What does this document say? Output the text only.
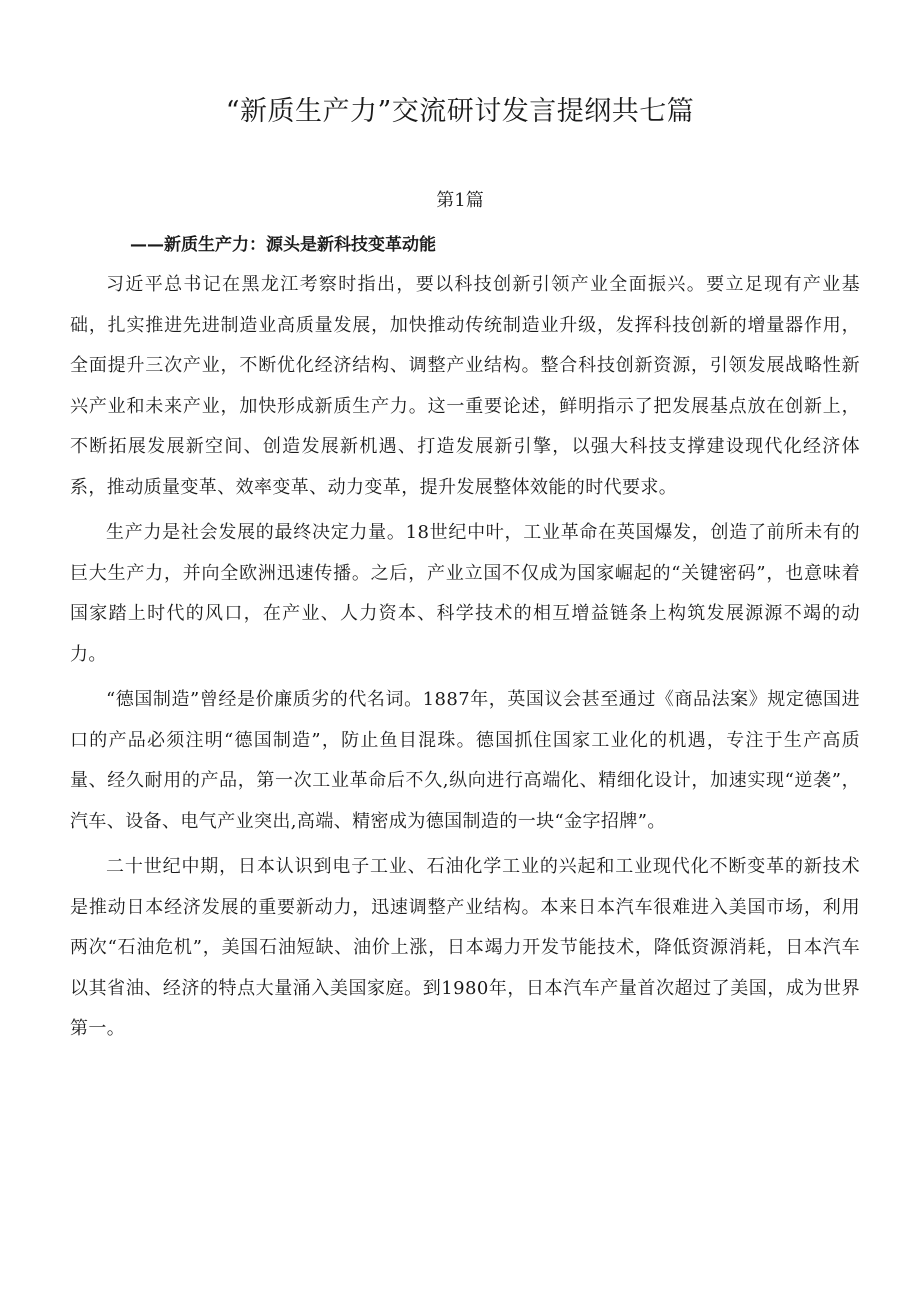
“新质生产力”交流研讨发言提纲共七篇
第1篇
——新质生产力：源头是新科技变革动能

习近平总书记在黑龙江考察时指出，要以科技创新引领产业全面振兴。要立足现有产业基础，扎实推进先进制造业高质量发展，加快推动传统制造业升级，发挥科技创新的增量器作用，全面提升三次产业，不断优化经济结构、调整产业结构。整合科技创新资源，引领发展战略性新兴产业和未来产业，加快形成新质生产力。这一重要论述，鲜明指示了把发展基点放在创新上，不断拓展发展新空间、创造发展新机遇、打造发展新引擎，以强大科技支撑建设现代化经济体系，推动质量变革、效率变革、动力变革，提升发展整体效能的时代要求。

生产力是社会发展的最终决定力量。18世纪中叶，工业革命在英国爆发，创造了前所未有的巨大生产力，并向全欧洲迅速传播。之后，产业立国不仅成为国家崛起的“关键密码”，也意味着国家踏上时代的风口，在产业、人力资本、科学技术的相互增益链条上构筑发展源源不竭的动力。

“德国制造”曾经是价廉质劣的代名词。1887年，英国议会甚至通过《商品法案》规定德国进口的产品必须注明“德国制造”，防止鱼目混珠。德国抓住国家工业化的机遇，专注于生产高质量、经久耐用的产品，第一次工业革命后不久,纵向进行高端化、精细化设计，加速实现“逆袭”，汽车、设备、电气产业突出,高端、精密成为德国制造的一块“金字招牌”。

二十世纪中期，日本认识到电子工业、石油化学工业的兴起和工业现代化不断变革的新技术是推动日本经济发展的重要新动力，迅速调整产业结构。本来日本汽车很难进入美国市场，利用两次“石油危机”，美国石油短缺、油价上涨，日本竭力开发节能技术，降低资源消耗，日本汽车以其省油、经济的特点大量涌入美国家庭。到1980年，日本汽车产量首次超过了美国，成为世界第一。
